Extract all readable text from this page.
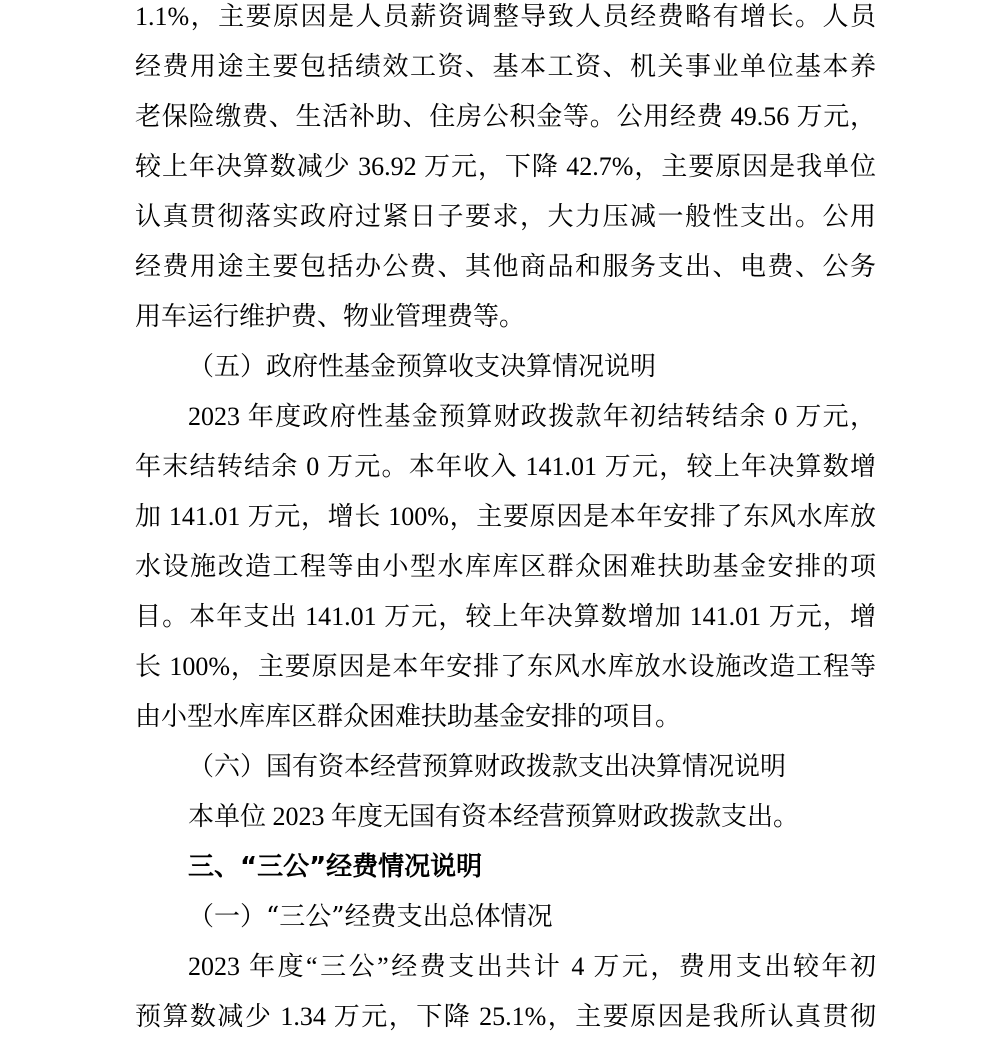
1.1%，主要原因是人员薪资调整导致人员经费略有增长。人员
经费用途主要包括绩效工资、基本工资、机关事业单位基本养
老保险缴费、生活补助、住房公积金等。公用经费 49.56 万元，
较上年决算数减少 36.92 万元，下降 42.7%，主要原因是我单位
认真贯彻落实政府过紧日子要求，大力压减一般性支出。公用
经费用途主要包括办公费、其他商品和服务支出、电费、公务
用车运行维护费、物业管理费等。
（五）政府性基金预算收支决算情况说明
2023 年度政府性基金预算财政拨款年初结转结余 0 万元，
年末结转结余 0 万元。本年收入 141.01 万元，较上年决算数增
加 141.01 万元，增长 100%，主要原因是本年安排了东风水库放
水设施改造工程等由小型水库库区群众困难扶助基金安排的项
目。本年支出 141.01 万元，较上年决算数增加 141.01 万元，增
长 100%，主要原因是本年安排了东风水库放水设施改造工程等
由小型水库库区群众困难扶助基金安排的项目。
（六）国有资本经营预算财政拨款支出决算情况说明
本单位 2023 年度无国有资本经营预算财政拨款支出。
三、“三公”经费情况说明
（一）“三公”经费支出总体情况
2023 年度“三公”经费支出共计 4 万元，费用支出较年初
预算数减少 1.34 万元，下降 25.1%，主要原因是我所认真贯彻
